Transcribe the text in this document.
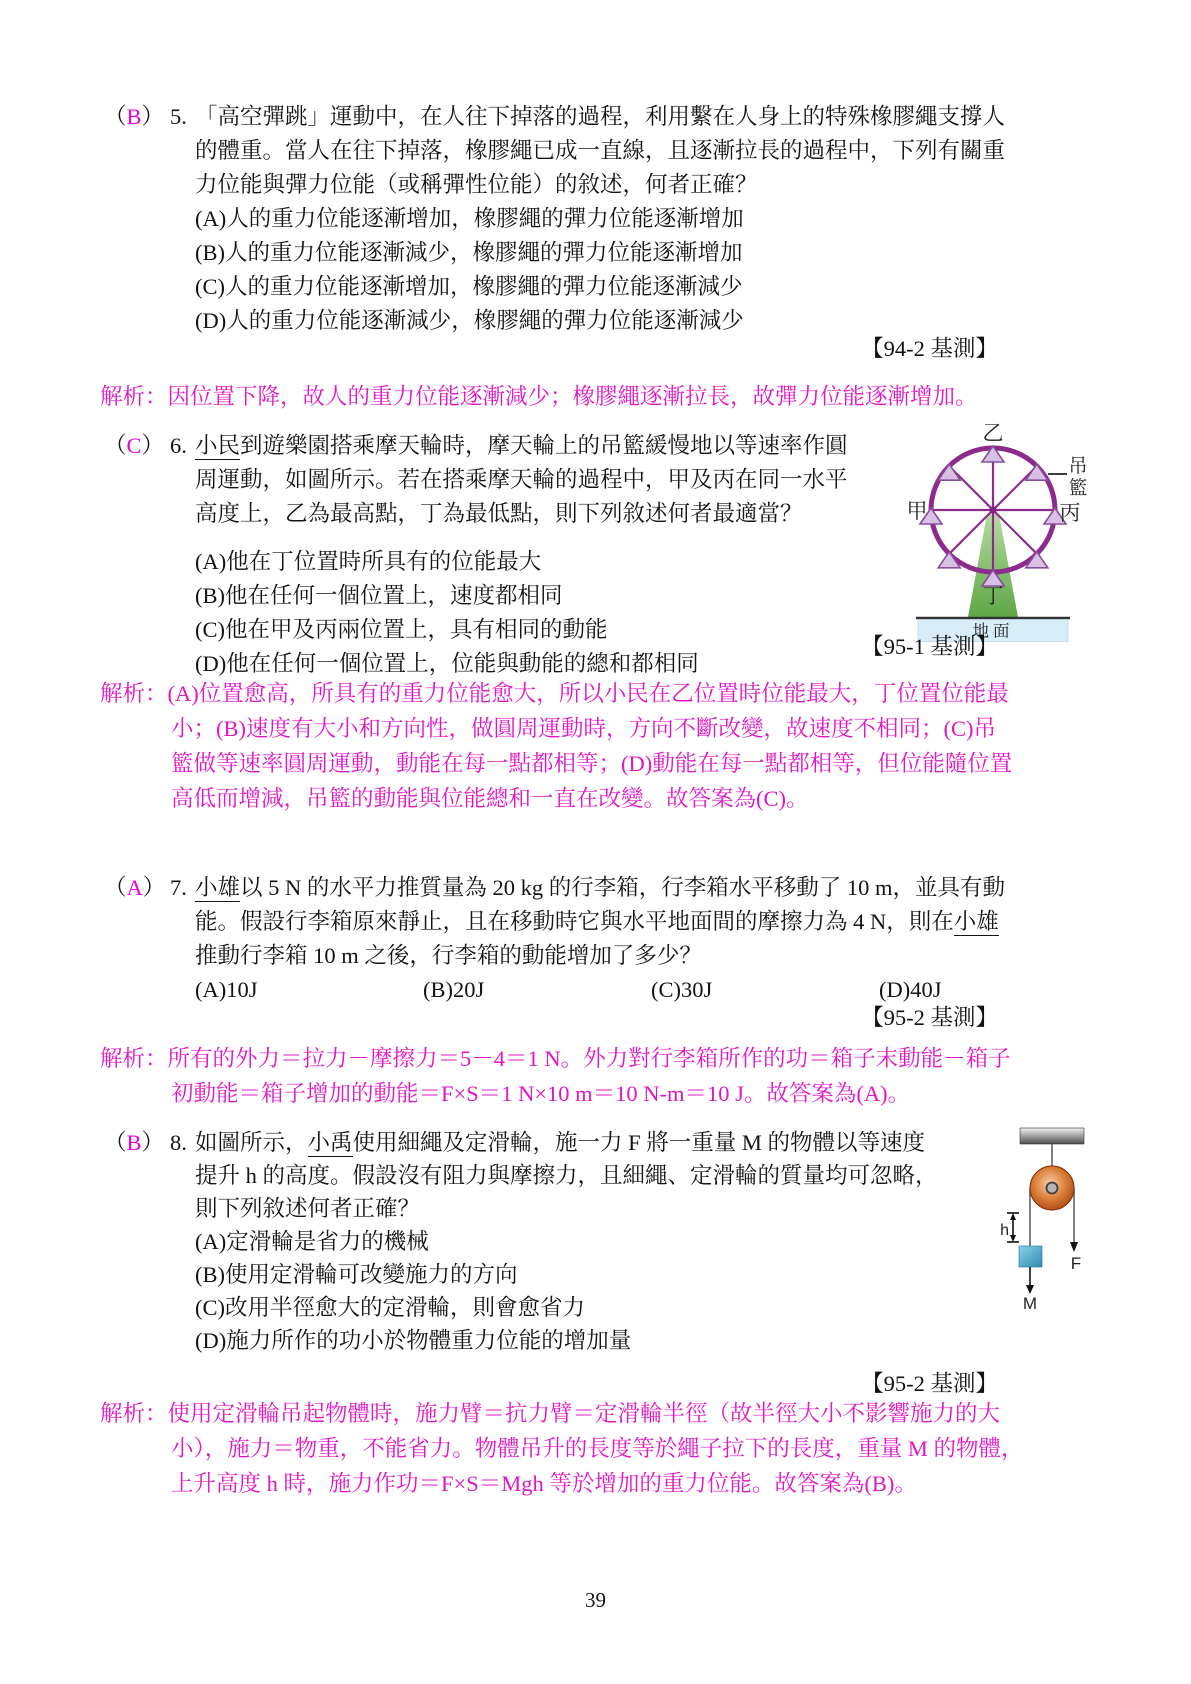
（B） 5. 「高空彈跳」運動中，在人往下掉落的過程，利用繫在人身上的特殊橡膠繩支撐人
的體重。當人在往下掉落，橡膠繩已成一直線，且逐漸拉長的過程中，下列有關重
力位能與彈力位能（或稱彈性位能）的敘述，何者正確？
(A)人的重力位能逐漸增加，橡膠繩的彈力位能逐漸增加
(B)人的重力位能逐漸減少，橡膠繩的彈力位能逐漸增加
(C)人的重力位能逐漸增加，橡膠繩的彈力位能逐漸減少
(D)人的重力位能逐漸減少，橡膠繩的彈力位能逐漸減少
【94-2 基測】
解析：因位置下降，故人的重力位能逐漸減少；橡膠繩逐漸拉長，故彈力位能逐漸增加。
（C） 6. 小民到遊樂園搭乘摩天輪時，摩天輪上的吊籃緩慢地以等速率作圓
周運動，如圖所示。若在搭乘摩天輪的過程中，甲及丙在同一水平
高度上，乙為最高點，丁為最低點，則下列敘述何者最適當？
(A)他在丁位置時所具有的位能最大
(B)他在任何一個位置上，速度都相同
(C)他在甲及丙兩位置上，具有相同的動能
(D)他在任何一個位置上，位能與動能的總和都相同
地面
吊
籃
乙
甲	丙
丁
【95-1 基測】
解析：(A)位置愈高，所具有的重力位能愈大，所以小民在乙位置時位能最大，丁位置位能最
小；(B)速度有大小和方向性，做圓周運動時，方向不斷改變，故速度不相同；(C)吊
籃做等速率圓周運動，動能在每一點都相等；(D)動能在每一點都相等，但位能隨位置
高低而增減，吊籃的動能與位能總和一直在改變。故答案為(C)。
（A） 7. 小雄以 5 N 的水平力推質量為 20 kg 的行李箱，行李箱水平移動了 10 m，並具有動
能。假設行李箱原來靜止，且在移動時它與水平地面間的摩擦力為 4 N，則在小雄
推動行李箱 10 m 之後，行李箱的動能增加了多少？
(A)10J	(B)20J	(C)30J	(D)40J
【95-2 基測】
解析：所有的外力＝拉力－摩擦力＝5－4＝1 N。外力對行李箱所作的功＝箱子末動能－箱子
初動能＝箱子增加的動能＝F×S＝1 N×10 m＝10 N-m＝10 J。故答案為(A)。
（B） 8. 如圖所示，小禹使用細繩及定滑輪，施一力 F 將一重量 M 的物體以等速度
提升 h 的高度。假設沒有阻力與摩擦力，且細繩、定滑輪的質量均可忽略，
則下列敘述何者正確？
(A)定滑輪是省力的機械
(B)使用定滑輪可改變施力的方向
(C)改用半徑愈大的定滑輪，則會愈省力
(D)施力所作的功小於物體重力位能的增加量
h
M
F
【95-2 基測】
解析：使用定滑輪吊起物體時，施力臂＝抗力臂＝定滑輪半徑（故半徑大小不影響施力的大
小），施力＝物重，不能省力。物體吊升的長度等於繩子拉下的長度，重量 M 的物體，
上升高度 h 時，施力作功＝F×S＝Mgh 等於增加的重力位能。故答案為(B)。
39
